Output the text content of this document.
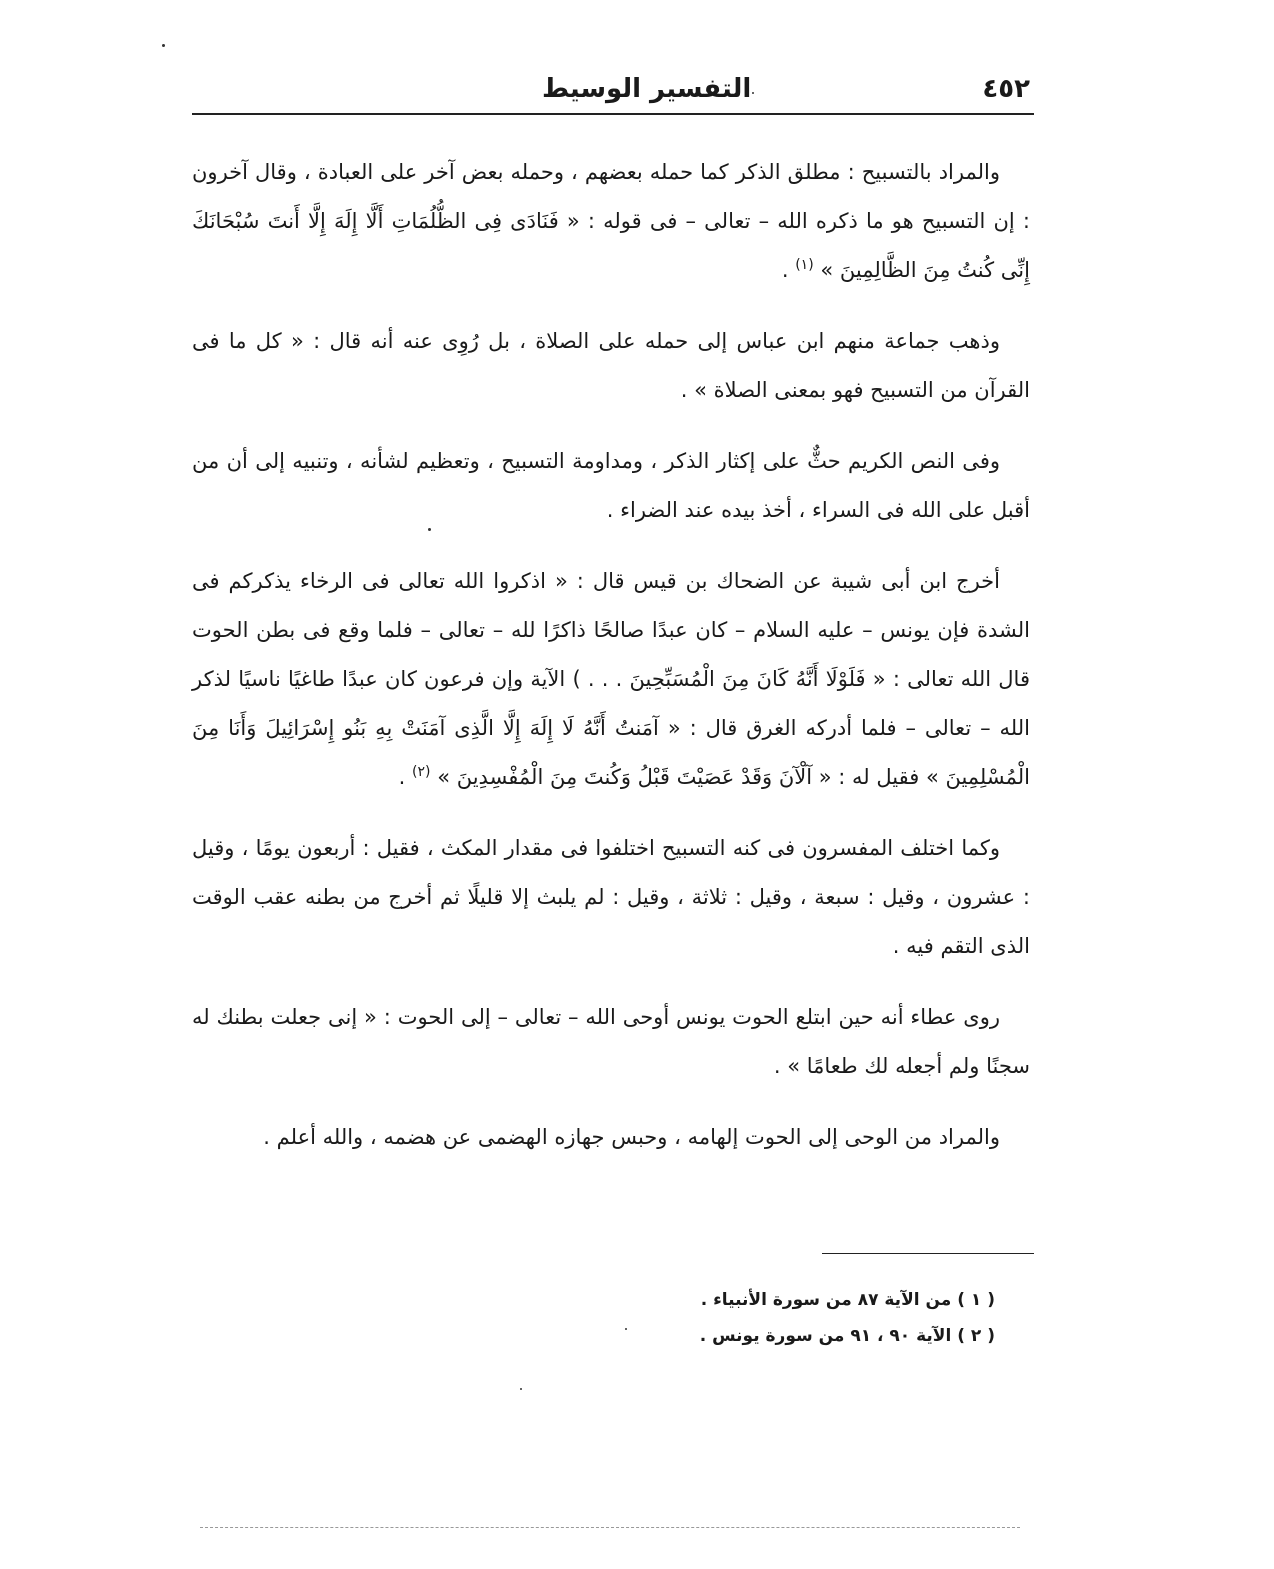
٤٥٢
التفسير الوسيط

والمراد بالتسبيح : مطلق الذكر كما حمله بعضهم ، وحمله بعض آخر على العبادة ، وقال آخرون : إن التسبيح هو ما ذكره الله – تعالى – فى قوله : « فَنَادَى فِى الظُّلُمَاتِ أَلَّا إِلَهَ إِلَّا أَنتَ سُبْحَانَكَ إِنِّى كُنتُ مِنَ الظَّالِمِينَ » $^{(١)}$ .

وذهب جماعة منهم ابن عباس إلى حمله على الصلاة ، بل رُوِى عنه أنه قال : « كل ما فى القرآن من التسبيح فهو بمعنى الصلاة » .

وفى النص الكريم حثٌّ على إكثار الذكر ، ومداومة التسبيح ، وتعظيم لشأنه ، وتنبيه إلى أن من أقبل على الله فى السراء ، أخذ بيده عند الضراء .

أخرج ابن أبى شيبة عن الضحاك بن قيس قال : « اذكروا الله تعالى فى الرخاء يذكركم فى الشدة فإن يونس – عليه السلام – كان عبدًا صالحًا ذاكرًا لله – تعالى – فلما وقع فى بطن الحوت قال الله تعالى : « فَلَوْلَا أَنَّهُ كَانَ مِنَ الْمُسَبِّحِينَ . . . ) الآية وإن فرعون كان عبدًا طاغيًا ناسيًا لذكر الله – تعالى – فلما أدركه الغرق قال : « آمَنتُ أَنَّهُ لَا إِلَهَ إِلَّا الَّذِى آمَنَتْ بِهِ بَنُو إِسْرَائِيلَ وَأَنَا مِنَ الْمُسْلِمِينَ » فقيل له : « آلْآنَ وَقَدْ عَصَيْتَ قَبْلُ وَكُنتَ مِنَ الْمُفْسِدِينَ » $^{(٢)}$ .

وكما اختلف المفسرون فى كنه التسبيح اختلفوا فى مقدار المكث ، فقيل : أربعون يومًا ، وقيل : عشرون ، وقيل : سبعة ، وقيل : ثلاثة ، وقيل : لم يلبث إلا قليلًا ثم أخرج من بطنه عقب الوقت الذى التقم فيه .

روى عطاء أنه حين ابتلع الحوت يونس أوحى الله – تعالى – إلى الحوت : « إنى جعلت بطنك له سجنًا ولم أجعله لك طعامًا » .

والمراد من الوحى إلى الحوت إلهامه ، وحبس جهازه الهضمى عن هضمه ، والله أعلم .

( ١ ) من الآية ٨٧ من سورة الأنبياء .

( ٢ ) الآية ٩٠ ، ٩١ من سورة يونس .
